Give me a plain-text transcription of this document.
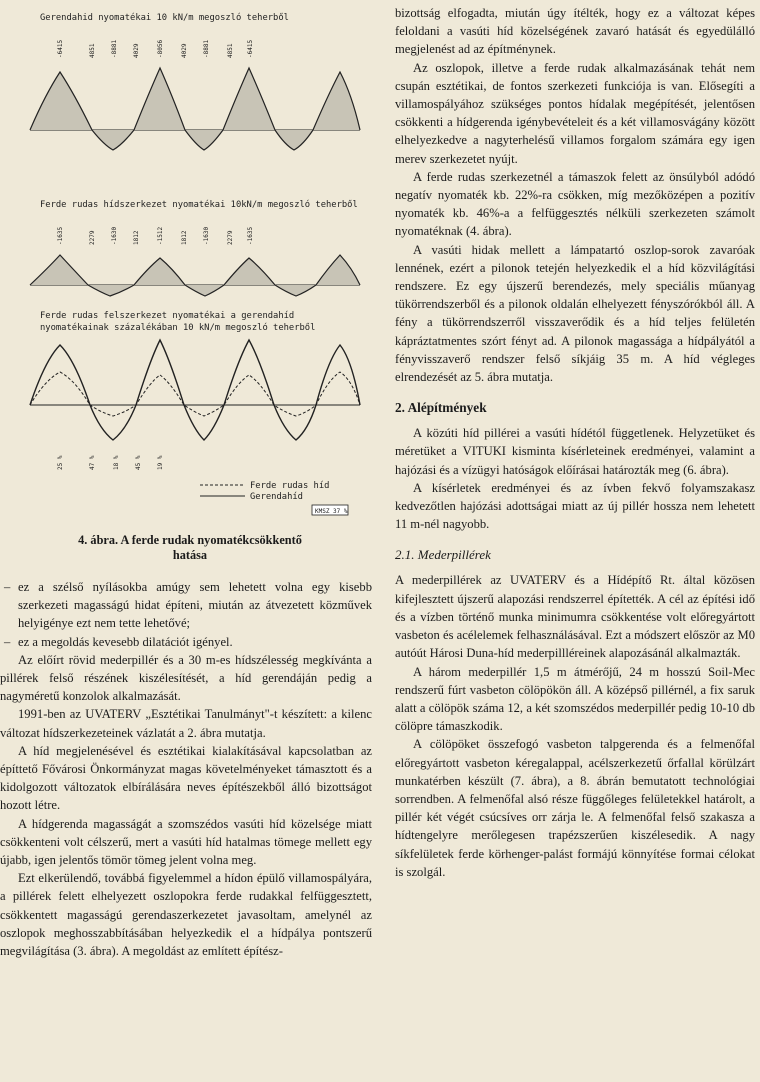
Gerendahid nyomatékai 10 kN/m megoszló teherből
-6415	4851	-8881	4029	-8056	4029	-8881	4851 -6415
Ferde rudas hídszerkezet nyomatékai 10kN/m megoszló teherből
-1635	2279	-1630	1812	-1512	1812	-1630	2279 -1635
Ferde rudas felszerkezet nyomatékai a gerendahíd
nyomatékainak százalékában 10 kN/m megoszló teherből
25 %	47 %	18 %	45 %	19 %
Ferde rudas híd
Gerendahíd
KMSZ 37 %
4. ábra. A ferde rudak nyomatékcsökkentő
hatása

– ez a szélső nyílásokba amúgy sem lehetett volna egy kisebb szerkezeti magasságú hidat építeni, miután az átvezetett közművek helyigénye ezt nem tette lehetővé;

– ez a megoldás kevesebb dilatációt igényel.

Az előírt rövid mederpillér és a 30 m-es hídszélesség megkívánta a pillérek felső részének kiszélesítését, a híd gerendáján pedig a nagyméretű konzolok alkalmazását.

1991-ben az UVATERV „Esztétikai Tanulmányt"-t készített: a kilenc változat hídszerkezeteinek vázlatát a 2. ábra mutatja.

A híd megjelenésével és esztétikai kialakításával kapcsolatban az építtető Fővárosi Önkormányzat magas követelményeket támasztott és a kidolgozott változatok elbírálására neves építészekből álló bizottságot hozott létre.

A hídgerenda magasságát a szomszédos vasúti híd közelsége miatt csökkenteni volt célszerű, mert a vasúti híd hatalmas tömege mellett egy újabb, igen jelentős tömör tömeg jelent volna meg.

Ezt elkerülendő, továbbá figyelemmel a hídon épülő villamospályára, a pillérek felett elhelyezett oszlopokra ferde rudakkal felfüggesztett, csökkentett magasságú gerendaszerkezetet javasoltam, amelynél az oszlopok meghosszabbításában helyezkedik el a hídpálya pontszerű megvilágítása (3. ábra). A megoldást az említett építész-

bizottság elfogadta, miután úgy ítélték, hogy ez a változat képes feloldani a vasúti híd közelségének zavaró hatását és egyedülálló megjelenést ad az építménynek.

Az oszlopok, illetve a ferde rudak alkalmazásának tehát nem csupán esztétikai, de fontos szerkezeti funkciója is van. Elősegíti a villamospályához szükséges pontos hídalak megépítését, jelentősen csökkenti a hídgerenda igénybevételeit és a két villamosvágány között elhelyezkedve a nagyterhelésű villamos forgalom számára egy igen merev szerkezetet nyújt.

A ferde rudas szerkezetnél a támaszok felett az önsúlyból adódó negatív nyomaték kb. 22%-ra csökken, míg mezőközépen a pozitív nyomaték kb. 46%-a a felfüggesztés nélküli szerkezeten számolt nyomatéknak (4. ábra).

A vasúti hidak mellett a lámpatartó oszlop-sorok zavaróak lennének, ezért a pilonok tetején helyezkedik el a híd közvilágítási rendszere. Ez egy újszerű berendezés, mely speciális műanyag tükörrendszerből és a pilonok oldalán elhelyezett fényszórókból áll. A fény a tükörrendszerről visszaverődik és a híd teljes felületén kápráztatmentes szórt fényt ad. A pilonok magassága a hídpályától a fényvisszaverő rendszer felső síkjáig 35 m. A híd végleges elrendezését az 5. ábra mutatja.

2. Alépítmények

A közúti híd pillérei a vasúti hídétól függetlenek. Helyzetüket és méretüket a VITUKI kisminta kísérleteinek eredményei, valamint a hajózási és a vízügyi hatóságok előírásai határozták meg (6. ábra).

A kísérletek eredményei és az ívben fekvő folyamszakasz kedvezőtlen hajózási adottságai miatt az új pillér hossza nem lehetett 11 m-nél nagyobb.

2.1. Mederpillérek

A mederpillérek az UVATERV és a Hídépítő Rt. által közösen kifejlesztett újszerű alapozási rendszerrel építették. A cél az építési idő és a vízben történő munka minimumra csökkentése volt előregyártott vasbeton és acélelemek felhasználásával. Ezt a módszert először az M0 autóút Hárosi Duna-híd mederpillléreinek alapozásánál alkalmazták.

A három mederpillér 1,5 m átmérőjű, 24 m hosszú Soil-Mec rendszerű fúrt vasbeton cölöpökön áll. A középső pillérnél, a fix saruk alatt a cölöpök száma 12, a két szomszédos mederpillér pedig 10-10 db cölöpre támaszkodik.

A cölöpöket összefogó vasbeton talpgerenda és a felmenőfal előregyártott vasbeton kéregalappal, acélszerkezetű őrfallal körülzárt munkatérben készült (7. ábra), a 8. ábrán bemutatott technológiai sorrendben. A felmenőfal alsó része függőleges felületekkel határolt, a pillér két végét csúcsíves orr zárja le. A felmenőfal felső szakasza a hídtengelyre merőlegesen trapézszerűen kiszélesedik. A nagy síkfelületek ferde körhenger-palást formájú könnyítése formai célokat is szolgál.
